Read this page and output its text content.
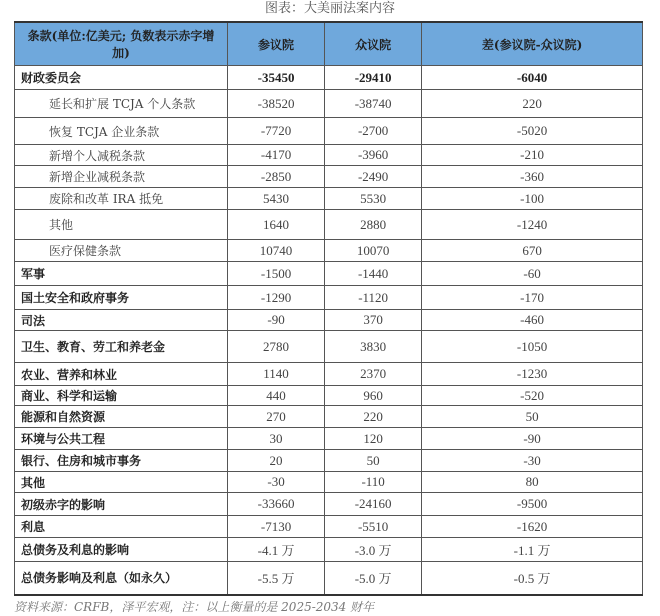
图表：大美丽法案内容
条款(单位:亿美元; 负数表示赤字增加)	参议院	众议院	差(参议院-众议院)
财政委员会	-35450	-29410	-6040
延长和扩展 TCJA 个人条款	-38520	-38740	220
恢复 TCJA 企业条款	-7720	-2700	-5020
新增个人减税条款	-4170	-3960	-210
新增企业减税条款	-2850	-2490	-360
废除和改革 IRA 抵免	5430	5530	-100
其他	1640	2880	-1240
医疗保健条款	10740	10070	670
军事	-1500	-1440	-60
国土安全和政府事务	-1290	-1120	-170
司法	-90	370	-460
卫生、教育、劳工和养老金	2780	3830	-1050
农业、营养和林业	1140	2370	-1230
商业、科学和运输	440	960	-520
能源和自然资源	270	220	50
环境与公共工程	30	120	-90
银行、住房和城市事务	20	50	-30
其他	-30	-110	80
初级赤字的影响	-33660	-24160	-9500
利息	-7130	-5510	-1620
总债务及利息的影响	-4.1 万	-3.0 万	-1.1 万
总债务影响及利息（如永久）	-5.5 万	-5.0 万	-0.5 万
资料来源：CRFB，泽平宏观，注：以上衡量的是 2025-2034 财年
